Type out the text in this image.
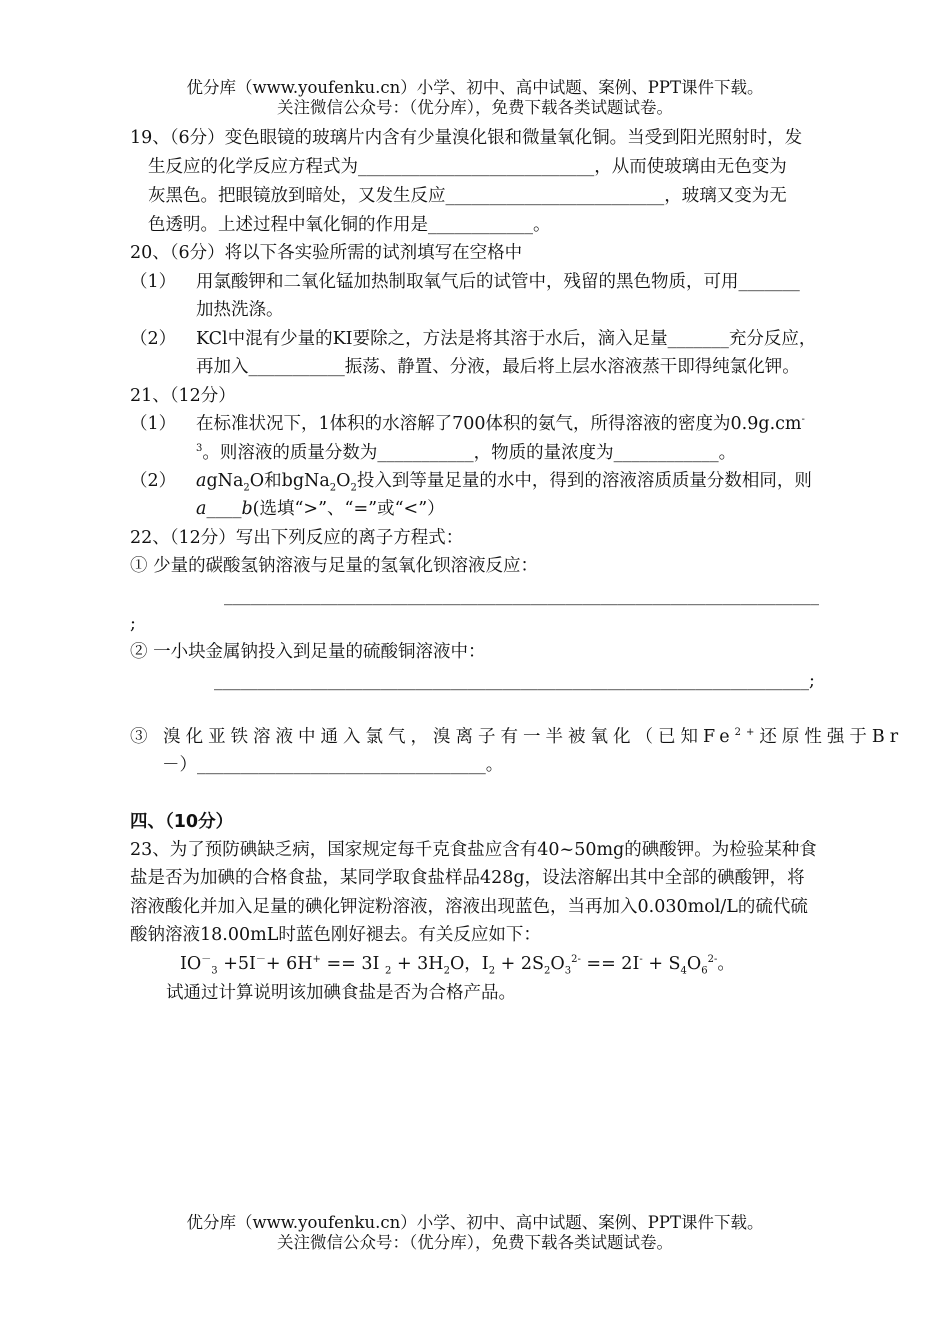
优分库（www.youfenku.cn）小学、初中、高中试题、案例、PPT课件下载。
关注微信公众号：（优分库），免费下载各类试题试卷。
19、（6分）变色眼镜的玻璃片内含有少量溴化银和微量氧化铜。当受到阳光照射时，发
生反应的化学反应方程式为___________________________，从而使玻璃由无色变为
灰黑色。把眼镜放到暗处，又发生反应_________________________，玻璃又变为无
色透明。上述过程中氧化铜的作用是____________。
20、（6分）将以下各实验所需的试剂填写在空格中
（1） 用氯酸钾和二氧化锰加热制取氧气后的试管中，残留的黑色物质，可用_______
加热洗涤。
（2） KCl中混有少量的KI要除之，方法是将其溶于水后，滴入足量_______充分反应，
再加入___________振荡、静置、分液，最后将上层水溶液蒸干即得纯氯化钾。
21、（12分）
（1） 在标准状况下，1体积的水溶解了700体积的氨气，所得溶液的密度为0.9g.cm-
$^3$。则溶液的质量分数为___________，物质的量浓度为____________。
（2） agNa$_2$O和$bgNa_2O_2$投入到等量足量的水中，得到的溶液溶质质量分数相同，则
a____b(选填“>”、“=”或“<”）
22、（12分）写出下列反应的离子方程式：
① 少量的碳酸氢钠溶液与足量的氢氧化钡溶液反应：
____________________________________________________________________
;
② 一小块金属钠投入到足量的硫酸铜溶液中：
____________________________________________________________________;
③ 溴化亚铁溶液中通入氯气，溴离子有一半被氧化（已知$Fe^{2+}$还原性强于Br
－）_________________________________。
四、（10分）
23、为了预防碘缺乏病，国家规定每千克食盐应含有40~50mg的碘酸钾。为检验某种食
盐是否为加碘的合格食盐，某同学取食盐样品428g，设法溶解出其中全部的碘酸钾，将
溶液酸化并加入足量的碘化钾淀粉溶液，溶液出现蓝色，当再加入0.030mol/L的硫代硫
酸钠溶液18.00mL时蓝色刚好褪去。有关反应如下：
$IO^-_3 +5I^-+ 6H^+ == 3I$ $_2 + 3H_2O$，$I_2 + 2S_2O_3^{2-} == 2I^- + S_4O_6^{2-}$。
试通过计算说明该加碘食盐是否为合格产品。
优分库（www.youfenku.cn）小学、初中、高中试题、案例、PPT课件下载。
关注微信公众号：（优分库），免费下载各类试题试卷。
